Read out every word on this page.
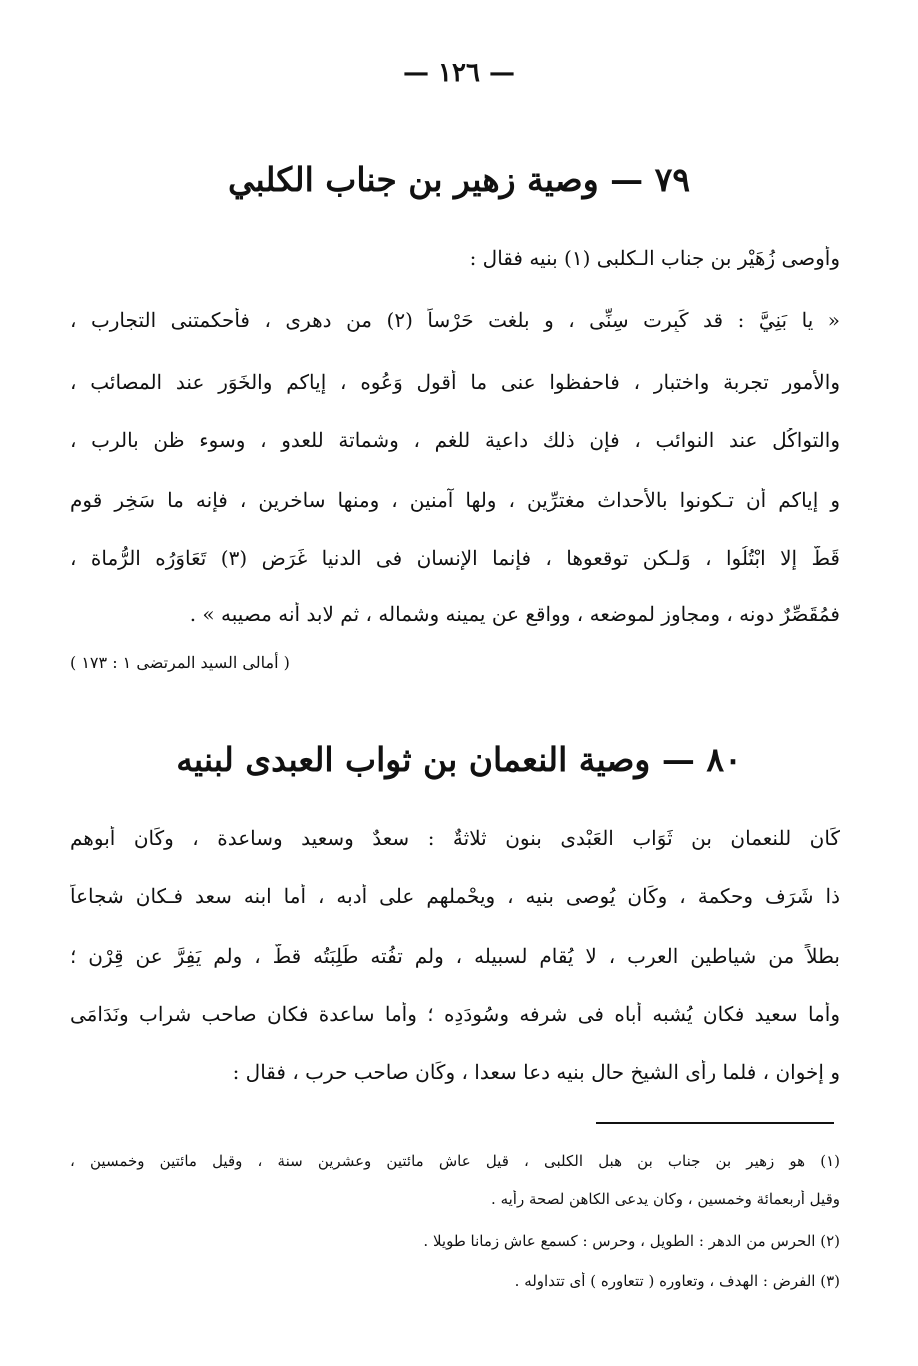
— ١٢٦ —
٧٩ — وصية زهير بن جناب الكلبي
وأوصى زُهَيْر بن جناب الـكلبى (١) بنيه فقال :
« يا بَنِيَّ : قد كَبِرت سِنِّى ، و بلغت حَرْساً (٢) من دهرى ، فأحكمتنى التجارب ،
والأمور تجربة واختبار ، فاحفظوا عنى ما أقول وَعُوه ، إياكم والخَوَر عند المصائب ،
والتواكُل عند النوائب ، فإن ذلك داعية للغم ، وشماتة للعدو ، وسوء ظن بالرب ،
و إياكم أن تـكونوا بالأحداث مغترِّين ، ولها آمنين ، ومنها ساخرين ، فإنه ما سَخِر قوم
قَطُّ إلا ابْتُلُوا ، وَلـكن توقعوها ، فإنما الإنسان فى الدنيا غَرَض (٣) تَعَاوَرُه الرُّماة ،
فمُقَصِّرٌ دونه ، ومجاوز لموضعه ، وواقع عن يمينه وشماله ، ثم لابد أنه مصيبه » .
( أمالى السيد المرتضى ١ : ١٧٣ )
٨٠ — وصية النعمان بن ثواب العبدى لبنيه
كَان للنعمان بن ثَوَاب العَبْدى بنون ثلاثةٌ : سعدٌ وسعيد وساعدة ، وكَان أبوهم
ذا شَرَف وحكمة ، وكَان يُوصى بنيه ، ويحْملهم على أدبه ، أما ابنه سعد فـكان شجاعاً
بطلاً من شياطين العرب ، لا يُقام لسبيله ، ولم تفُته طَلِبَتُه قطُّ ، ولم يَفِرَّ عن قِرْن ؛
وأما سعيد فكان يُشبه أباه فى شرفه وسُودَدِه ؛ وأما ساعدة فكان صاحب شراب ونَدَامَى
و إخوان ، فلما رأى الشيخ حال بنيه دعا سعدا ، وكَان صاحب حرب ، فقال :
(١) هو زهير بن جناب بن هبل الكلبى ، قيل عاش مائتين وعشرين سنة ، وقيل مائتين وخمسين ،
وقيل أربعمائة وخمسين ، وكان يدعى الكاهن لصحة رأيه .
(٢) الحرس من الدهر : الطويل ، وحرس : كسمع عاش زمانا طويلا .
(٣) الفرض : الهدف ، وتعاوره ( تتعاوره ) أى تتداوله .
